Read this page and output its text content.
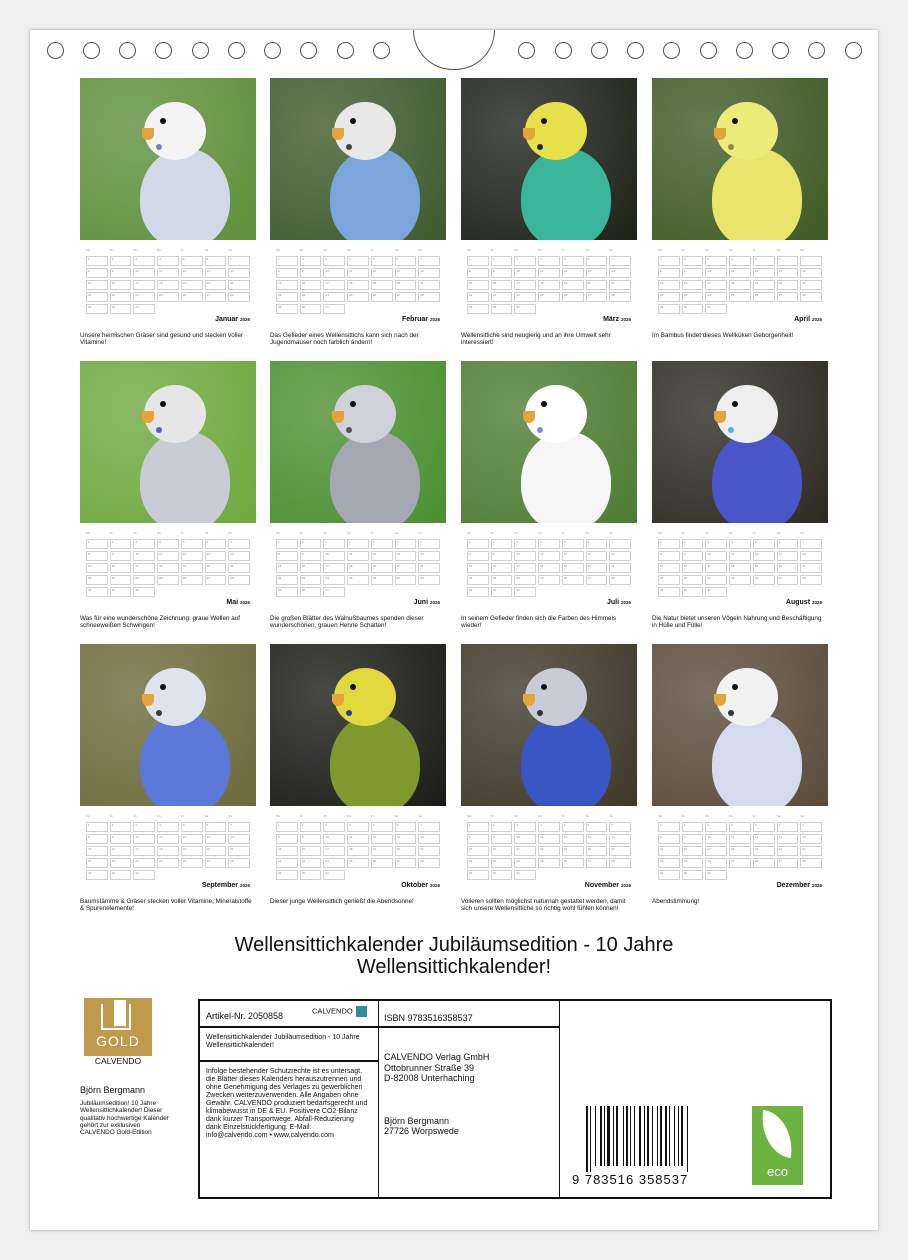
Mo	Di	Mi	Do	Fr	Sa	So
1	2	3	4	5	6	7
8	9	10	11	12	13	14
15	16	17	18	19	20	21
22	23	24	25	26	27	28
29	30	31
Januar 2026
Unsere heimischen Gräser sind gesund und stecken voller Vitamine!
Mo	Di	Mi	Do	Fr	Sa	So
1	2	3	4	5	6	7
8	9	10	11	12	13	14
15	16	17	18	19	20	21
22	23	24	25	26	27	28
29	30	31
Februar 2026
Das Gefieder eines Wellensittichs kann sich nach der Jugendmauser noch farblich ändern!
Mo	Di	Mi	Do	Fr	Sa	So
1	2	3	4	5	6	7
8	9	10	11	12	13	14
15	16	17	18	19	20	21
22	23	24	25	26	27	28
29	30	31
März 2026
Wellensittiche sind neugierig und an ihre Umwelt sehr interessiert!
Mo	Di	Mi	Do	Fr	Sa	So
1	2	3	4	5	6	7
8	9	10	11	12	13	14
15	16	17	18	19	20	21
22	23	24	25	26	27	28
29	30	31
April 2026
Im Bambus findet dieses Wellküken Geborgenheit!
Mo	Di	Mi	Do	Fr	Sa	So
1	2	3	4	5	6	7
8	9	10	11	12	13	14
15	16	17	18	19	20	21
22	23	24	25	26	27	28
29	30	31
Mai 2026
Was für eine wunderschöne Zeichnung: graue Wellen auf schneeweißen Schwingen!
Mo	Di	Mi	Do	Fr	Sa	So
1	2	3	4	5	6	7
8	9	10	11	12	13	14
15	16	17	18	19	20	21
22	23	24	25	26	27	28
29	30	31
Juni 2026
Die großen Blätter des Walnußbaumes spenden dieser wunderschönen, grauen Henne Schatten!
Mo	Di	Mi	Do	Fr	Sa	So
1	2	3	4	5	6	7
8	9	10	11	12	13	14
15	16	17	18	19	20	21
22	23	24	25	26	27	28
29	30	31
Juli 2026
In seinem Gefieder finden sich die Farben des Himmels wieder!
Mo	Di	Mi	Do	Fr	Sa	So
1	2	3	4	5	6	7
8	9	10	11	12	13	14
15	16	17	18	19	20	21
22	23	24	25	26	27	28
29	30	31
August 2026
Die Natur bietet unseren Vögeln Nahrung und Beschäftigung in Hülle und Fülle!
Mo	Di	Mi	Do	Fr	Sa	So
1	2	3	4	5	6	7
8	9	10	11	12	13	14
15	16	17	18	19	20	21
22	23	24	25	26	27	28
29	30	31
September 2026
Baumstämme & Gräser stecken voller Vitamine, Mineralstoffe & Spurenelemente!
Mo	Di	Mi	Do	Fr	Sa	So
1	2	3	4	5	6	7
8	9	10	11	12	13	14
15	16	17	18	19	20	21
22	23	24	25	26	27	28
29	30	31
Oktober 2026
Dieser junge Wellensittich genießt die Abendsonne!
Mo	Di	Mi	Do	Fr	Sa	So
1	2	3	4	5	6	7
8	9	10	11	12	13	14
15	16	17	18	19	20	21
22	23	24	25	26	27	28
29	30	31
November 2026
Volieren sollten möglichst naturnah gestaltet werden, damit sich unsere Wellensittiche so richtig wohl fühlen können!
Mo	Di	Mi	Do	Fr	Sa	So
1	2	3	4	5	6	7
8	9	10	11	12	13	14
15	16	17	18	19	20	21
22	23	24	25	26	27	28
29	30	31
Dezember 2026
Abendstimmung!
Wellensittichkalender Jubiläumsedition - 10 Jahre Wellensittichkalender!
GOLD
CALVENDO
Björn Bergmann
Jubiläumsedition! 10 Jahre Wellensittichkalender! Dieser qualitativ hochwertige Kalender gehört zur exklusiven CALVENDO Gold-Edition
Artikel-Nr. 2050858
CALVENDO
Wellensittichkalender Jubiläumsedition - 10 Jahre Wellensittichkalender!
Infolge bestehender Schutzrechte ist es untersagt, die Blätter dieses Kalenders herauszutrennen und ohne Genehmigung des Verlages zu gewerblichen Zwecken weiterzuverwenden. Alle Angaben ohne Gewähr. CALVENDO produziert bedarfsgerecht und klimabewusst in DE & EU. Positivere CO2-Bilanz dank kurzer Transportwege. Abfall-Reduzierung dank Einzelstückfertigung. E-Mail: info@calvendo.com • www.calvendo.com
ISBN 9783516358537
CALVENDO Verlag GmbH
Ottobrunner Straße 39
D-82008 Unterhaching
Björn Bergmann
27726 Worpswede
9 783516 358537
eco
